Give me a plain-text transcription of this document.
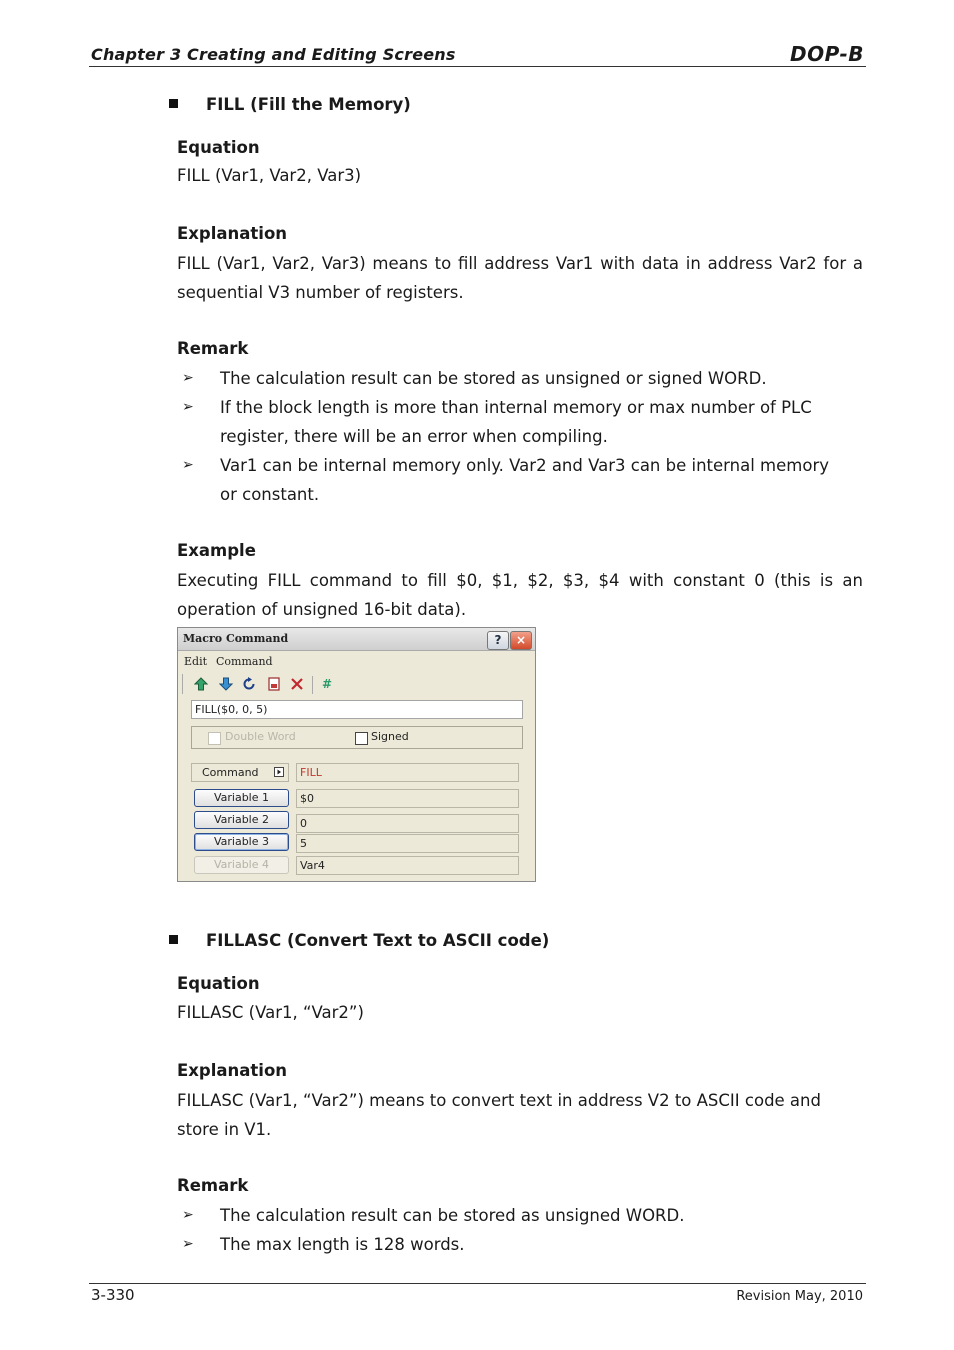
Chapter 3 Creating and Editing Screens	DOP-B
FILL (Fill the Memory)
Equation
FILL (Var1, Var2, Var3)
Explanation
FILL (Var1, Var2, Var3) means to fill address Var1 with data in address Var2 for a sequential V3 number of registers.
Remark
➢ The calculation result can be stored as unsigned or signed WORD.
➢ If the block length is more than internal memory or max number of PLC register, there will be an error when compiling.
➢ Var1 can be internal memory only. Var2 and Var3 can be internal memory or constant.
Example
Executing FILL command to fill $0, $1, $2, $3, $4 with constant 0 (this is an operation of unsigned 16-bit data).
Macro Command	?	×
Edit Command
#
FILL($0, 0, 5)
Double Word	Signed
Command	FILL
Variable 1	$0
Variable 2	0
Variable 3	5
Variable 4	Var4
FILLASC (Convert Text to ASCII code)
Equation
FILLASC (Var1, “Var2”)
Explanation
FILLASC (Var1, “Var2”) means to convert text in address V2 to ASCII code and store in V1.
Remark
➢ The calculation result can be stored as unsigned WORD.
➢ The max length is 128 words.
3-330	Revision May, 2010
